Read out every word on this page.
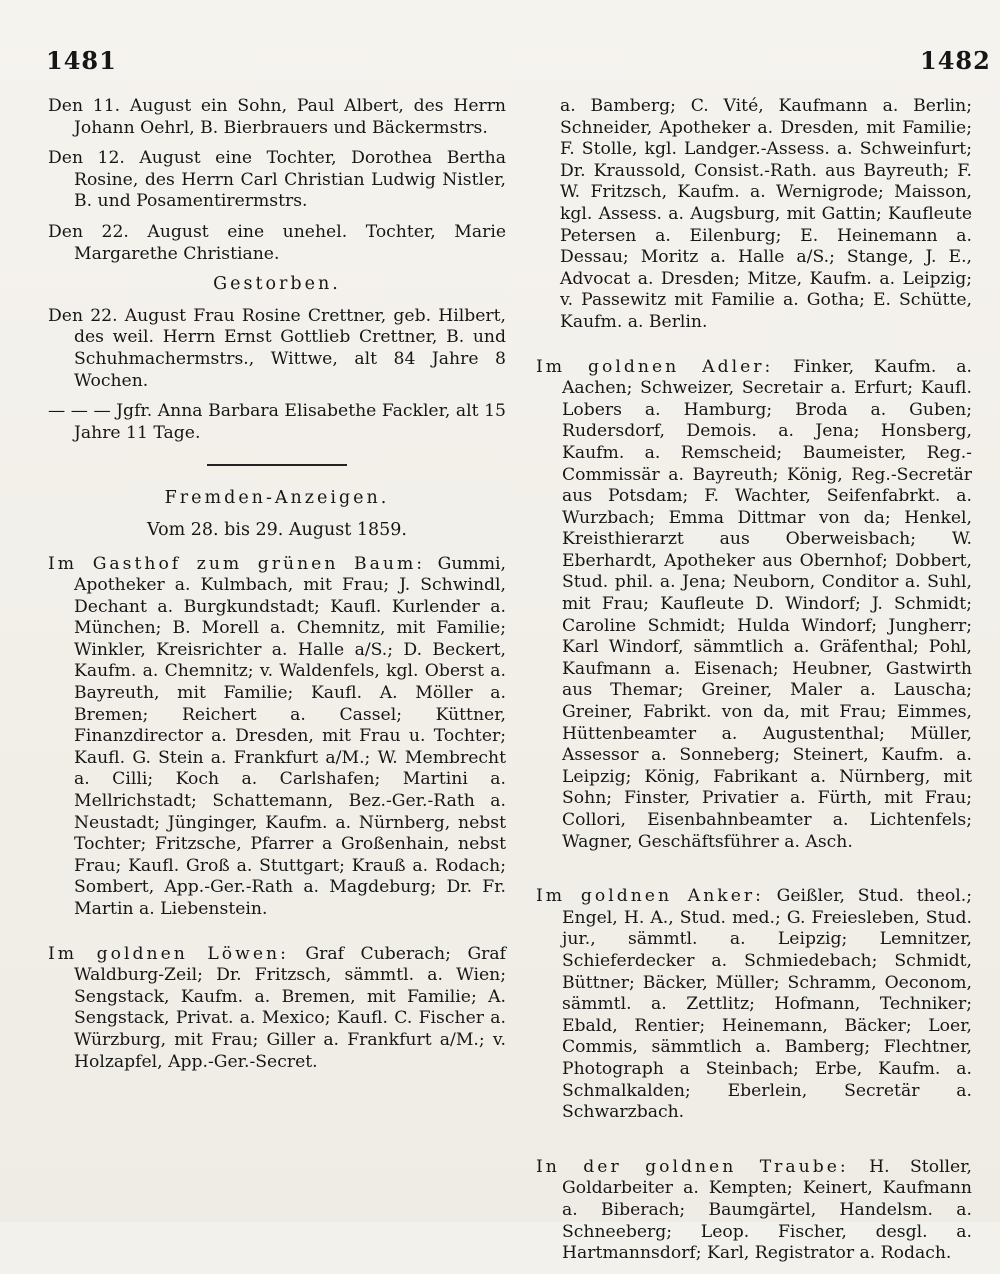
1481	1482

Den 11. August ein Sohn, Paul Albert, des Herrn Johann Oehrl, B. Bierbrauers und Bäckermstrs.

Den 12. August eine Tochter, Dorothea Bertha Rosine, des Herrn Carl Christian Ludwig Nistler, B. und Posamentirermstrs.

Den 22. August eine unehel. Tochter, Marie Margarethe Christiane.

Gestorben.

Den 22. August Frau Rosine Crettner, geb. Hilbert, des weil. Herrn Ernst Gottlieb Crettner, B. und Schuhmachermstrs., Wittwe, alt 84 Jahre 8 Wochen.

— — — Jgfr. Anna Barbara Elisabethe Fackler, alt 15 Jahre 11 Tage.

Fremden-Anzeigen.
Vom 28. bis 29. August 1859.

Im Gasthof zum grünen Baum: Gummi, Apotheker a. Kulmbach, mit Frau; J. Schwindl, Dechant a. Burgkundstadt; Kaufl. Kurlender a. München; B. Morell a. Chemnitz, mit Familie; Winkler, Kreisrichter a. Halle a/S.; D. Beckert, Kaufm. a. Chemnitz; v. Waldenfels, kgl. Oberst a. Bayreuth, mit Familie; Kaufl. A. Möller a. Bremen; Reichert a. Cassel; Küttner, Finanzdirector a. Dresden, mit Frau u. Tochter; Kaufl. G. Stein a. Frankfurt a/M.; W. Membrecht a. Cilli; Koch a. Carlshafen; Martini a. Mellrichstadt; Schattemann, Bez.-Ger.-Rath a. Neustadt; Jünginger, Kaufm. a. Nürnberg, nebst Tochter; Fritzsche, Pfarrer a Großenhain, nebst Frau; Kaufl. Groß a. Stuttgart; Krauß a. Rodach; Sombert, App.-Ger.-Rath a. Magdeburg; Dr. Fr. Martin a. Liebenstein.

Im goldnen Löwen: Graf Cuberach; Graf Waldburg-Zeil; Dr. Fritzsch, sämmtl. a. Wien; Sengstack, Kaufm. a. Bremen, mit Familie; A. Sengstack, Privat. a. Mexico; Kaufl. C. Fischer a. Würzburg, mit Frau; Giller a. Frankfurt a/M.; v. Holzapfel, App.-Ger.-Secret.

a. Bamberg; C. Vité, Kaufmann a. Berlin; Schneider, Apotheker a. Dresden, mit Familie; F. Stolle, kgl. Landger.-Assess. a. Schweinfurt; Dr. Kraussold, Consist.-Rath. aus Bayreuth; F. W. Fritzsch, Kaufm. a. Wernigrode; Maisson, kgl. Assess. a. Augsburg, mit Gattin; Kaufleute Petersen a. Eilenburg; E. Heinemann a. Dessau; Moritz a. Halle a/S.; Stange, J. E., Advocat a. Dresden; Mitze, Kaufm. a. Leipzig; v. Passewitz mit Familie a. Gotha; E. Schütte, Kaufm. a. Berlin.

Im goldnen Adler: Finker, Kaufm. a. Aachen; Schweizer, Secretair a. Erfurt; Kaufl. Lobers a. Hamburg; Broda a. Guben; Rudersdorf, Demois. a. Jena; Honsberg, Kaufm. a. Remscheid; Baumeister, Reg.-Commissär a. Bayreuth; König, Reg.-Secretär aus Potsdam; F. Wachter, Seifenfabrkt. a. Wurzbach; Emma Dittmar von da; Henkel, Kreisthierarzt aus Oberweisbach; W. Eberhardt, Apotheker aus Obernhof; Dobbert, Stud. phil. a. Jena; Neuborn, Conditor a. Suhl, mit Frau; Kaufleute D. Windorf; J. Schmidt; Caroline Schmidt; Hulda Windorf; Jungherr; Karl Windorf, sämmtlich a. Gräfenthal; Pohl, Kaufmann a. Eisenach; Heubner, Gastwirth aus Themar; Greiner, Maler a. Lauscha; Greiner, Fabrikt. von da, mit Frau; Eimmes, Hüttenbeamter a. Augustenthal; Müller, Assessor a. Sonneberg; Steinert, Kaufm. a. Leipzig; König, Fabrikant a. Nürnberg, mit Sohn; Finster, Privatier a. Fürth, mit Frau; Collori, Eisenbahnbeamter a. Lichtenfels; Wagner, Geschäftsführer a. Asch.

Im goldnen Anker: Geißler, Stud. theol.; Engel, H. A., Stud. med.; G. Freiesleben, Stud. jur., sämmtl. a. Leipzig; Lemnitzer, Schieferdecker a. Schmiedebach; Schmidt, Büttner; Bäcker, Müller; Schramm, Oeconom, sämmtl. a. Zettlitz; Hofmann, Techniker; Ebald, Rentier; Heinemann, Bäcker; Loer, Commis, sämmtlich a. Bamberg; Flechtner, Photograph a Steinbach; Erbe, Kaufm. a. Schmalkalden; Eberlein, Secretär a. Schwarzbach.

In der goldnen Traube: H. Stoller, Goldarbeiter a. Kempten; Keinert, Kaufmann a. Biberach; Baumgärtel, Handelsm. a. Schneeberg; Leop. Fischer, desgl. a. Hartmannsdorf; Karl, Registrator a. Rodach.
